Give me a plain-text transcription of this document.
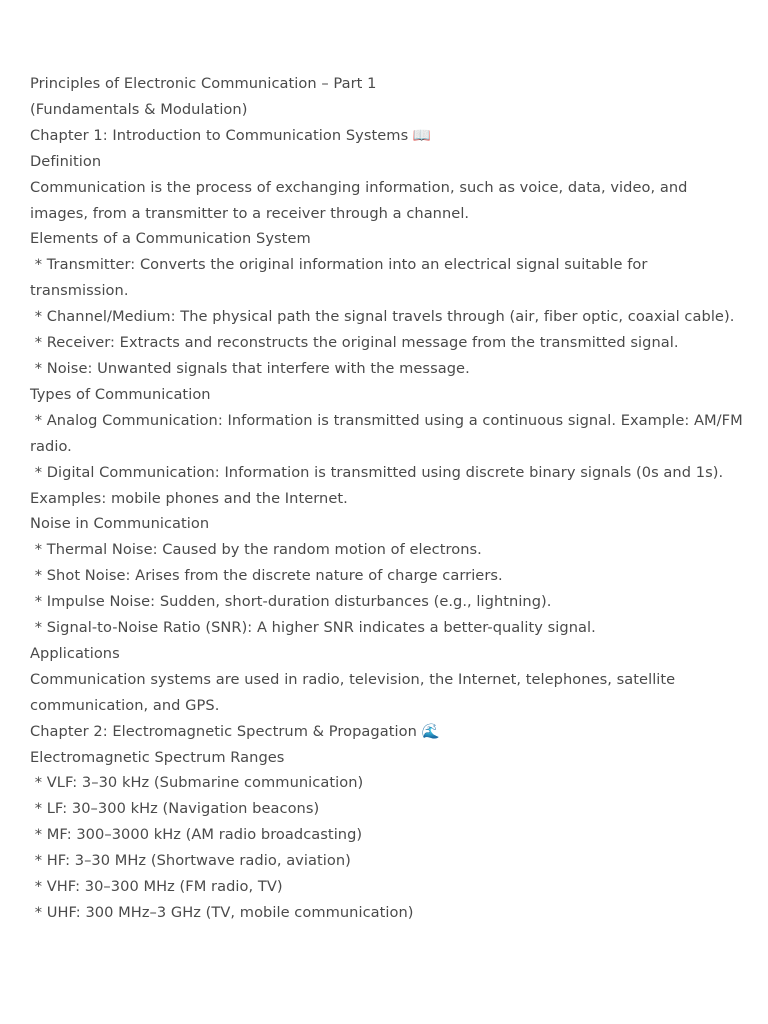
Principles of Electronic Communication – Part 1
(Fundamentals & Modulation)
Chapter 1: Introduction to Communication Systems 📖
Definition
Communication is the process of exchanging information, such as voice, data, video, and images, from a transmitter to a receiver through a channel.
Elements of a Communication System
* Transmitter: Converts the original information into an electrical signal suitable for transmission.
* Channel/Medium: The physical path the signal travels through (air, fiber optic, coaxial cable).
* Receiver: Extracts and reconstructs the original message from the transmitted signal.
* Noise: Unwanted signals that interfere with the message.
Types of Communication
* Analog Communication: Information is transmitted using a continuous signal. Example: AM/FM radio.
* Digital Communication: Information is transmitted using discrete binary signals (0s and 1s). Examples: mobile phones and the Internet.
Noise in Communication
* Thermal Noise: Caused by the random motion of electrons.
* Shot Noise: Arises from the discrete nature of charge carriers.
* Impulse Noise: Sudden, short-duration disturbances (e.g., lightning).
* Signal-to-Noise Ratio (SNR): A higher SNR indicates a better-quality signal.
Applications
Communication systems are used in radio, television, the Internet, telephones, satellite communication, and GPS.
Chapter 2: Electromagnetic Spectrum & Propagation 🌊
Electromagnetic Spectrum Ranges
* VLF: 3–30 kHz (Submarine communication)
* LF: 30–300 kHz (Navigation beacons)
* MF: 300–3000 kHz (AM radio broadcasting)
* HF: 3–30 MHz (Shortwave radio, aviation)
* VHF: 30–300 MHz (FM radio, TV)
* UHF: 300 MHz–3 GHz (TV, mobile communication)
